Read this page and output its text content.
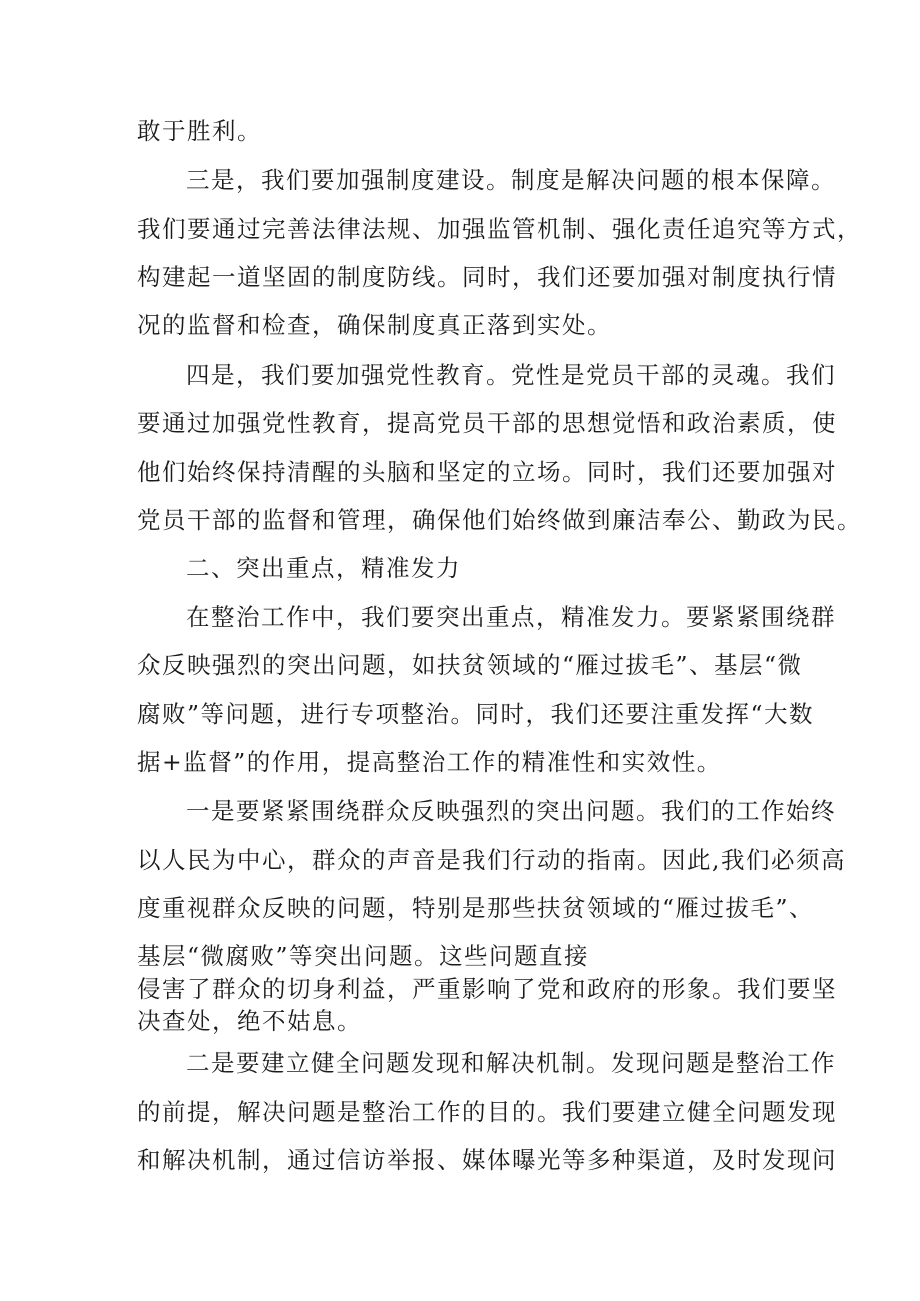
敢于胜利。
三是，我们要加强制度建设。制度是解决问题的根本保障。
我们要通过完善法律法规、加强监管机制、强化责任追究等方式，
构建起一道坚固的制度防线。同时，我们还要加强对制度执行情
况的监督和检查，确保制度真正落到实处。
四是，我们要加强党性教育。党性是党员干部的灵魂。我们
要通过加强党性教育，提高党员干部的思想觉悟和政治素质，使
他们始终保持清醒的头脑和坚定的立场。同时，我们还要加强对
党员干部的监督和管理，确保他们始终做到廉洁奉公、勤政为民。
二、突出重点，精准发力
在整治工作中，我们要突出重点，精准发力。要紧紧围绕群
众反映强烈的突出问题，如扶贫领域的“雁过拔毛”、基层“微
腐败”等问题，进行专项整治。同时，我们还要注重发挥“大数
据+监督”的作用，提高整治工作的精准性和实效性。
一是要紧紧围绕群众反映强烈的突出问题。我们的工作始终
以人民为中心，群众的声音是我们行动的指南。因此,我们必须高
度重视群众反映的问题，特别是那些扶贫领域的“雁过拔毛”、
基层“微腐败”等突出问题。这些问题直接
侵害了群众的切身利益，严重影响了党和政府的形象。我们要坚
决查处，绝不姑息。
二是要建立健全问题发现和解决机制。发现问题是整治工作
的前提，解决问题是整治工作的目的。我们要建立健全问题发现
和解决机制，通过信访举报、媒体曝光等多种渠道，及时发现问
